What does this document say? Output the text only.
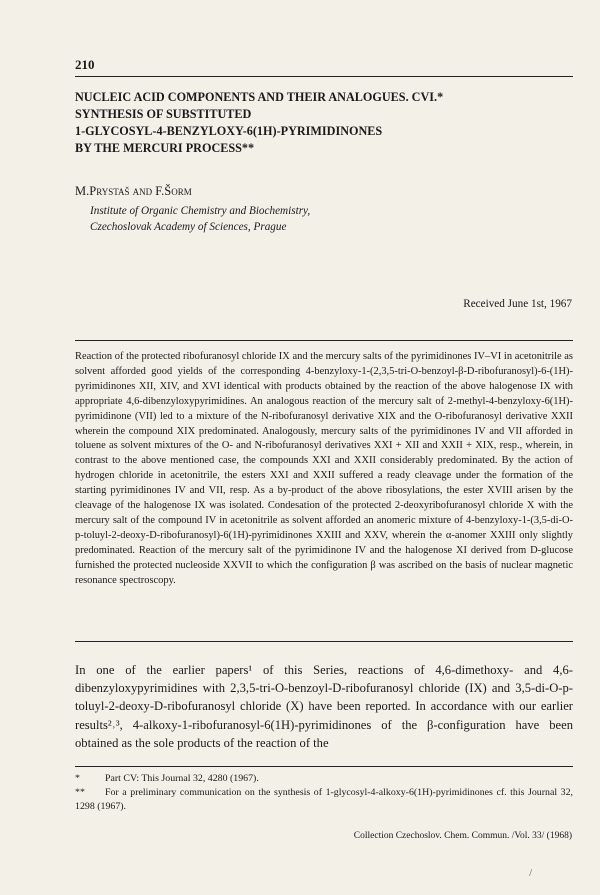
210
NUCLEIC ACID COMPONENTS AND THEIR ANALOGUES. CVI.*
SYNTHESIS OF SUBSTITUTED
1-GLYCOSYL-4-BENZYLOXY-6(1H)-PYRIMIDINONES
BY THE MERCURI PROCESS**
M.Prystaš and F.Šorm
Institute of Organic Chemistry and Biochemistry,
Czechoslovak Academy of Sciences, Prague
Received June 1st, 1967
Reaction of the protected ribofuranosyl chloride IX and the mercury salts of the pyrimidinones IV–VI in acetonitrile as solvent afforded good yields of the corresponding 4-benzyloxy-1-(2,3,5-tri-O-benzoyl-β-D-ribofuranosyl)-6-(1H)-pyrimidinones XII, XIV, and XVI identical with products obtained by the reaction of the above halogenose IX with appropriate 4,6-dibenzyloxypyrimidines. An analogous reaction of the mercury salt of 2-methyl-4-benzyloxy-6(1H)-pyrimidinone (VII) led to a mixture of the N-ribofuranosyl derivative XIX and the O-ribofuranosyl derivative XXII wherein the compound XIX predominated. Analogously, mercury salts of the pyrimidinones IV and VII afforded in toluene as solvent mixtures of the O- and N-ribofuranosyl derivatives XXI + XII and XXII + XIX, resp., wherein, in contrast to the above mentioned case, the compounds XXI and XXII considerably predominated. By the action of hydrogen chloride in acetonitrile, the esters XXI and XXII suffered a ready cleavage under the formation of the starting pyrimidinones IV and VII, resp. As a by-product of the above ribosylations, the ester XVIII arisen by the cleavage of the halogenose IX was isolated. Condesation of the protected 2-deoxyribofuranosyl chloride X with the mercury salt of the compound IV in acetonitrile as solvent afforded an anomeric mixture of 4-benzyloxy-1-(3,5-di-O-p-toluyl-2-deoxy-D-ribofuranosyl)-6(1H)-pyrimidinones XXIII and XXV, wherein the α-anomer XXIII only slightly predominated. Reaction of the mercury salt of the pyrimidinone IV and the halogenose XI derived from D-glucose furnished the protected nucleoside XXVII to which the configuration β was ascribed on the basis of nuclear magnetic resonance spectroscopy.
In one of the earlier papers¹ of this Series, reactions of 4,6-dimethoxy- and 4,6-dibenzyloxypyrimidines with 2,3,5-tri-O-benzoyl-D-ribofuranosyl chloride (IX) and 3,5-di-O-p-toluyl-2-deoxy-D-ribofuranosyl chloride (X) have been reported. In accordance with our earlier results²˒³, 4-alkoxy-1-ribofuranosyl-6(1H)-pyrimidinones of the β-configuration have been obtained as the sole products of the reaction of the
*	Part CV: This Journal 32, 4280 (1967).
** For a preliminary communication on the synthesis of 1-glycosyl-4-alkoxy-6(1H)-pyrimidinones cf. this Journal 32, 1298 (1967).
Collection Czechoslov. Chem. Commun. /Vol. 33/ (1968)
/
